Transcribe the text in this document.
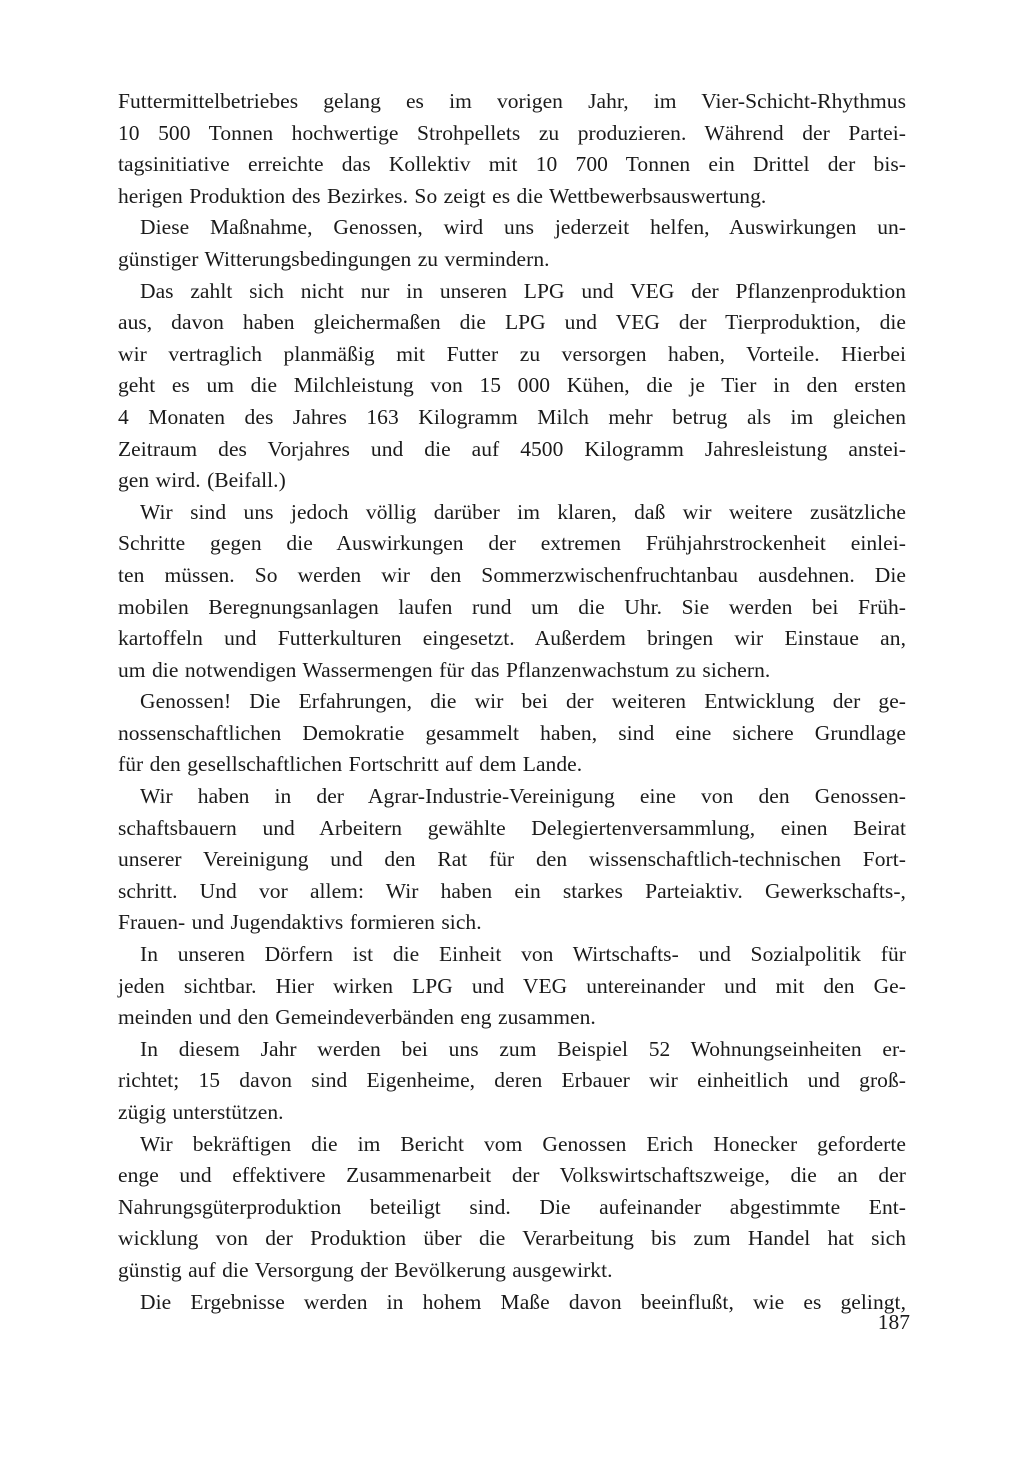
Futtermittelbetriebes gelang es im vorigen Jahr, im Vier-Schicht-Rhythmus
10 500 Tonnen hochwertige Strohpellets zu produzieren. Während der Partei-
tagsinitiative erreichte das Kollektiv mit 10 700 Tonnen ein Drittel der bis-
herigen Produktion des Bezirkes. So zeigt es die Wettbewerbsauswertung.
Diese Maßnahme, Genossen, wird uns jederzeit helfen, Auswirkungen un-
günstiger Witterungsbedingungen zu vermindern.
Das zahlt sich nicht nur in unseren LPG und VEG der Pflanzenproduktion
aus, davon haben gleichermaßen die LPG und VEG der Tierproduktion, die
wir vertraglich planmäßig mit Futter zu versorgen haben, Vorteile. Hierbei
geht es um die Milchleistung von 15 000 Kühen, die je Tier in den ersten
4 Monaten des Jahres 163 Kilogramm Milch mehr betrug als im gleichen
Zeitraum des Vorjahres und die auf 4500 Kilogramm Jahresleistung anstei-
gen wird. (Beifall.)
Wir sind uns jedoch völlig darüber im klaren, daß wir weitere zusätzliche
Schritte gegen die Auswirkungen der extremen Frühjahrstrockenheit einlei-
ten müssen. So werden wir den Sommerzwischenfruchtanbau ausdehnen. Die
mobilen Beregnungsanlagen laufen rund um die Uhr. Sie werden bei Früh-
kartoffeln und Futterkulturen eingesetzt. Außerdem bringen wir Einstaue an,
um die notwendigen Wassermengen für das Pflanzenwachstum zu sichern.
Genossen! Die Erfahrungen, die wir bei der weiteren Entwicklung der ge-
nossenschaftlichen Demokratie gesammelt haben, sind eine sichere Grundlage
für den gesellschaftlichen Fortschritt auf dem Lande.
Wir haben in der Agrar-Industrie-Vereinigung eine von den Genossen-
schaftsbauern und Arbeitern gewählte Delegiertenversammlung, einen Beirat
unserer Vereinigung und den Rat für den wissenschaftlich-technischen Fort-
schritt. Und vor allem: Wir haben ein starkes Parteiaktiv. Gewerkschafts-,
Frauen- und Jugendaktivs formieren sich.
In unseren Dörfern ist die Einheit von Wirtschafts- und Sozialpolitik für
jeden sichtbar. Hier wirken LPG und VEG untereinander und mit den Ge-
meinden und den Gemeindeverbänden eng zusammen.
In diesem Jahr werden bei uns zum Beispiel 52 Wohnungseinheiten er-
richtet; 15 davon sind Eigenheime, deren Erbauer wir einheitlich und groß-
zügig unterstützen.
Wir bekräftigen die im Bericht vom Genossen Erich Honecker geforderte
enge und effektivere Zusammenarbeit der Volkswirtschaftszweige, die an der
Nahrungsgüterproduktion beteiligt sind. Die aufeinander abgestimmte Ent-
wicklung von der Produktion über die Verarbeitung bis zum Handel hat sich
günstig auf die Versorgung der Bevölkerung ausgewirkt.
Die Ergebnisse werden in hohem Maße davon beeinflußt, wie es gelingt,
187
